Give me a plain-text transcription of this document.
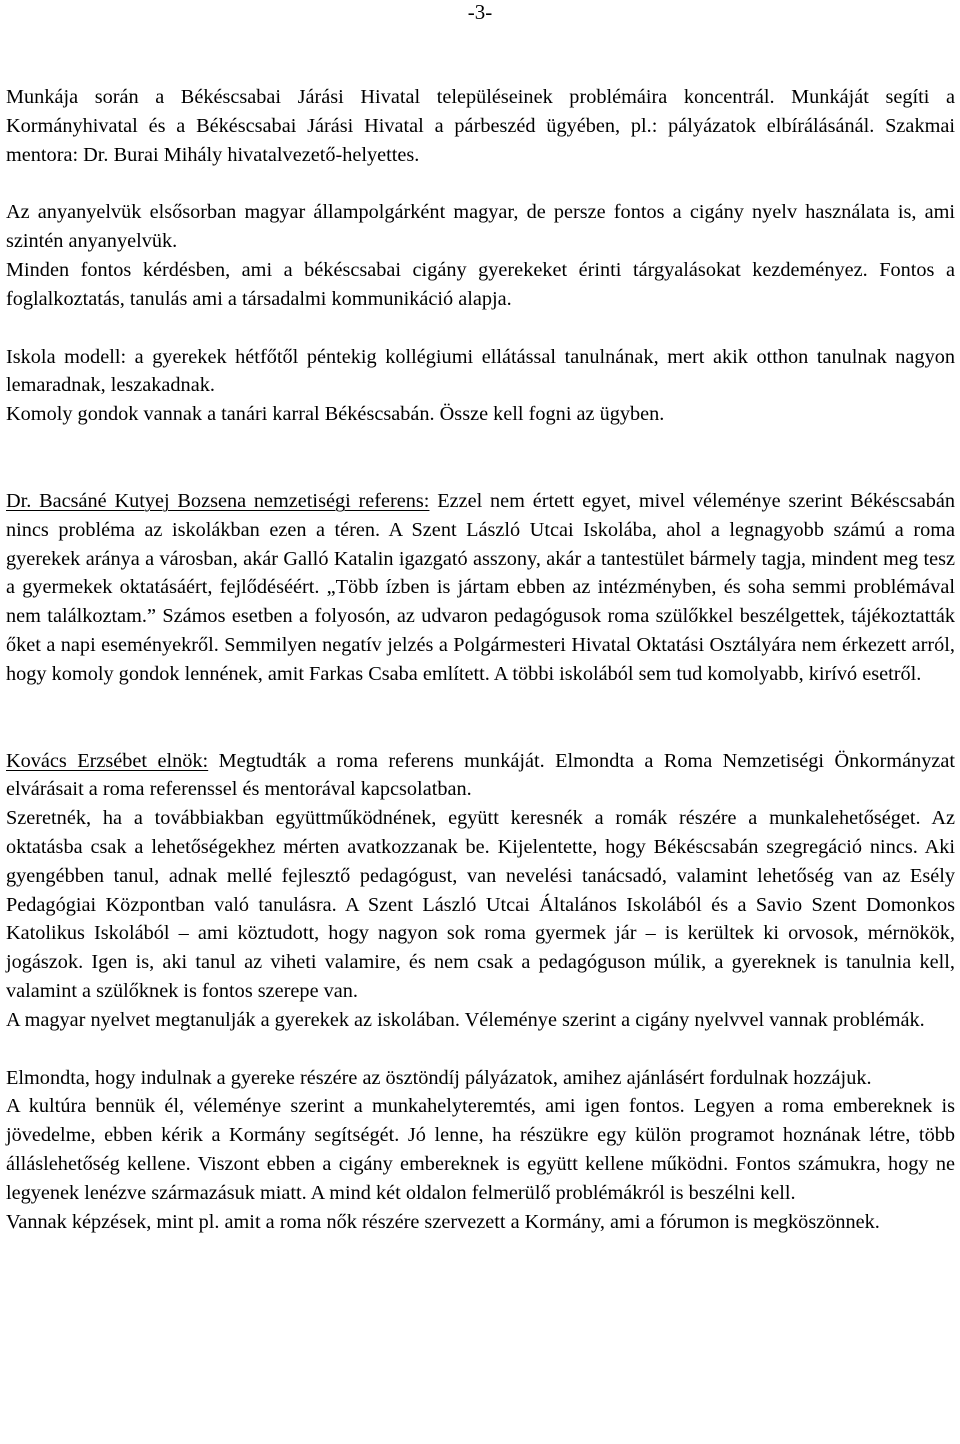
-3-

Munkája során a Békéscsabai Járási Hivatal településeinek problémáira koncentrál. Munkáját segíti a Kormányhivatal és a Békéscsabai Járási Hivatal a párbeszéd ügyében, pl.: pályázatok elbírálásánál. Szakmai mentora: Dr. Burai Mihály hivatalvezető-helyettes.

Az anyanyelvük elsősorban magyar állampolgárként magyar, de persze fontos a cigány nyelv használata is, ami szintén anyanyelvük.

Minden fontos kérdésben, ami a békéscsabai cigány gyerekeket érinti tárgyalásokat kezdeményez. Fontos a foglalkoztatás, tanulás ami a társadalmi kommunikáció alapja.

Iskola modell: a gyerekek hétfőtől péntekig kollégiumi ellátással tanulnának, mert akik otthon tanulnak nagyon lemaradnak, leszakadnak.

Komoly gondok vannak a tanári karral Békéscsabán. Össze kell fogni az ügyben.

Dr. Bacsáné Kutyej Bozsena nemzetiségi referens: Ezzel nem értett egyet, mivel véleménye szerint Békéscsabán nincs probléma az iskolákban ezen a téren. A Szent László Utcai Iskolába, ahol a legnagyobb számú a roma gyerekek aránya a városban, akár Galló Katalin igazgató asszony, akár a tantestület bármely tagja, mindent meg tesz a gyermekek oktatásáért, fejlődéséért. „Több ízben is jártam ebben az intézményben, és soha semmi problémával nem találkoztam.” Számos esetben a folyosón, az udvaron pedagógusok roma szülőkkel beszélgettek, tájékoztatták őket a napi eseményekről. Semmilyen negatív jelzés a Polgármesteri Hivatal Oktatási Osztályára nem érkezett arról, hogy komoly gondok lennének, amit Farkas Csaba említett. A többi iskolából sem tud komolyabb, kirívó esetről.

Kovács Erzsébet elnök: Megtudták a roma referens munkáját. Elmondta a Roma Nemzetiségi Önkormányzat elvárásait a roma referenssel és mentorával kapcsolatban.

Szeretnék, ha a továbbiakban együttműködnének, együtt keresnék a romák részére a munkalehetőséget. Az oktatásba csak a lehetőségekhez mérten avatkozzanak be. Kijelentette, hogy Békéscsabán szegregáció nincs. Aki gyengébben tanul, adnak mellé fejlesztő pedagógust, van nevelési tanácsadó, valamint lehetőség van az Esély Pedagógiai Központban való tanulásra. A Szent László Utcai Általános Iskolából és a Savio Szent Domonkos Katolikus Iskolából – ami köztudott, hogy nagyon sok roma gyermek jár – is kerültek ki orvosok, mérnökök, jogászok. Igen is, aki tanul az viheti valamire, és nem csak a pedagóguson múlik, a gyereknek is tanulnia kell, valamint a szülőknek is fontos szerepe van.

A magyar nyelvet megtanulják a gyerekek az iskolában. Véleménye szerint a cigány nyelvvel vannak problémák.

Elmondta, hogy indulnak a gyereke részére az ösztöndíj pályázatok, amihez ajánlásért fordulnak hozzájuk.

A kultúra bennük él, véleménye szerint a munkahelyteremtés, ami igen fontos. Legyen a roma embereknek is jövedelme, ebben kérik a Kormány segítségét. Jó lenne, ha részükre egy külön programot hoznának létre, több álláslehetőség kellene. Viszont ebben a cigány embereknek is együtt kellene működni. Fontos számukra, hogy ne legyenek lenézve származásuk miatt. A mind két oldalon felmerülő problémákról is beszélni kell.

Vannak képzések, mint pl. amit a roma nők részére szervezett a Kormány, ami a fórumon is megköszönnek.
